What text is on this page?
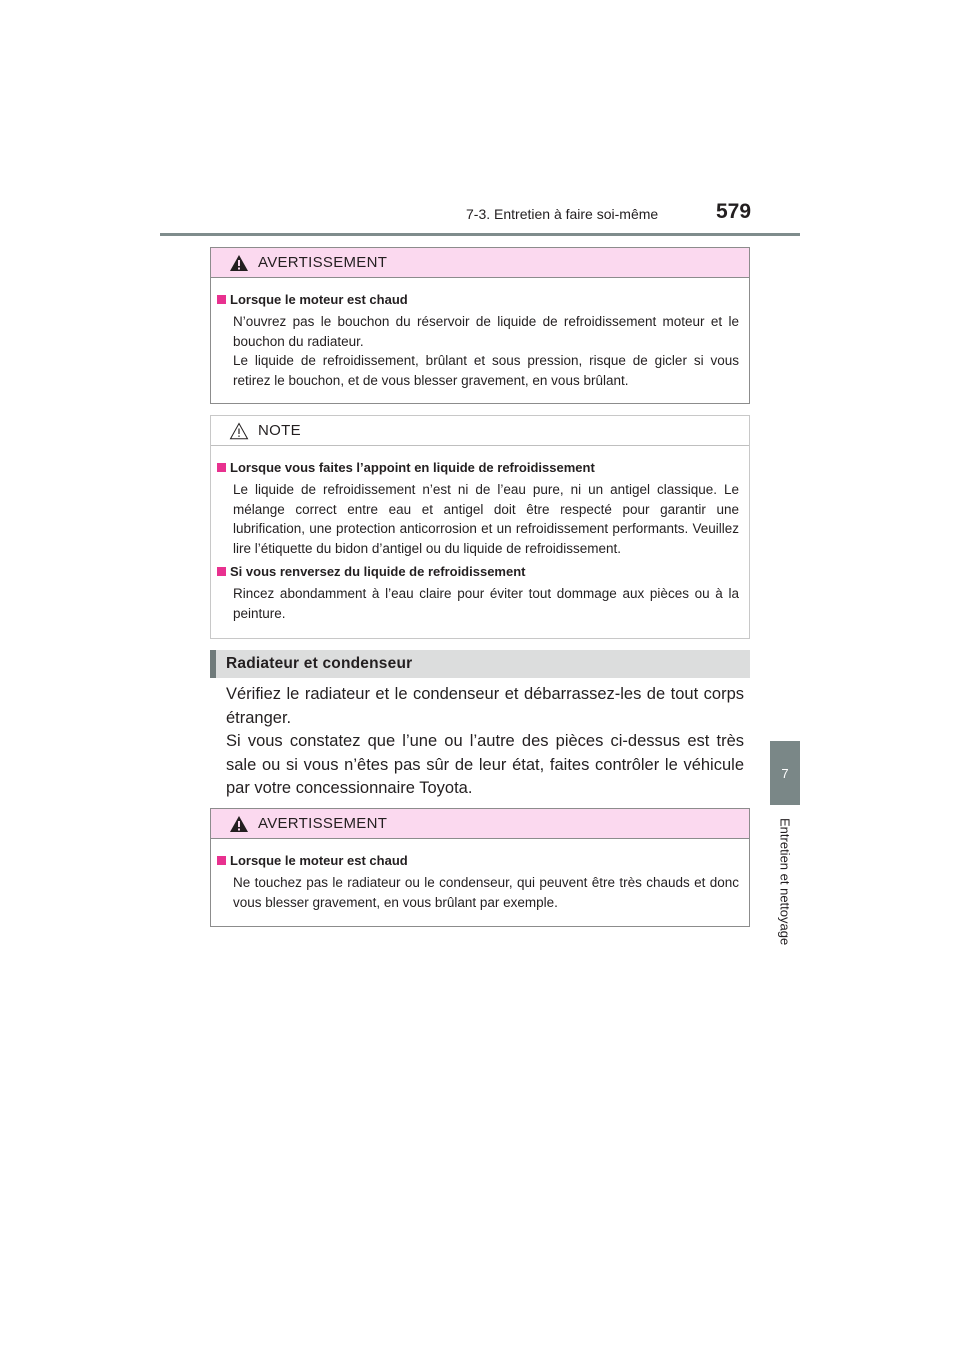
7-3. Entretien à faire soi-même	579
7
Entretien et nettoyage
AVERTISSEMENT
Lorsque le moteur est chaud

N’ouvrez pas le bouchon du réservoir de liquide de refroidissement moteur et le bouchon du radiateur.

Le liquide de refroidissement, brûlant et sous pression, risque de gicler si vous retirez le bouchon, et de vous blesser gravement, en vous brûlant.

NOTE
Lorsque vous faites l’appoint en liquide de refroidissement

Le liquide de refroidissement n’est ni de l’eau pure, ni un antigel classique. Le mélange correct entre eau et antigel doit être respecté pour garantir une lubrification, une protection anticorrosion et un refroidissement performants. Veuillez lire l’étiquette du bidon d’antigel ou du liquide de refroidissement.

Si vous renversez du liquide de refroidissement

Rincez abondamment à l’eau claire pour éviter tout dommage aux pièces ou à la peinture.

Radiateur et condenseur

Vérifiez le radiateur et le condenseur et débarrassez-les de tout corps étranger.

Si vous constatez que l’une ou l’autre des pièces ci-dessus est très sale ou si vous n’êtes pas sûr de leur état, faites contrôler le véhicule par votre concessionnaire Toyota.

AVERTISSEMENT
Lorsque le moteur est chaud

Ne touchez pas le radiateur ou le condenseur, qui peuvent être très chauds et donc vous blesser gravement, en vous brûlant par exemple.
